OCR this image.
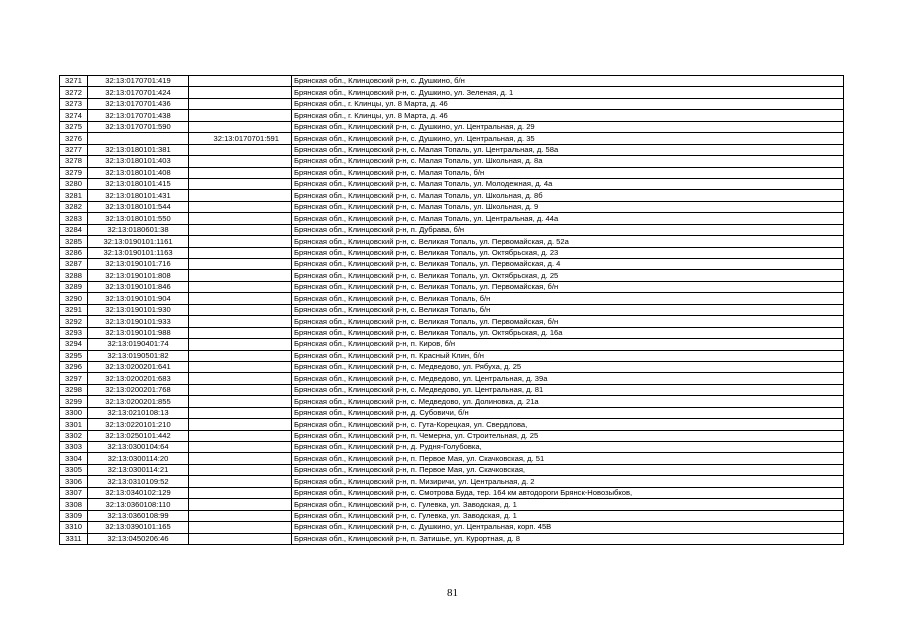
3271	32:13:0170701:419		Брянская обл., Клинцовский р-н, с. Душкино, б/н
3272	32:13:0170701:424		Брянская обл., Клинцовский р-н, с. Душкино, ул. Зеленая, д. 1
3273	32:13:0170701:436		Брянская обл., г. Клинцы, ул. 8 Марта, д. 46
3274	32:13:0170701:438		Брянская обл., г. Клинцы, ул. 8 Марта, д. 46
3275	32:13:0170701:590		Брянская обл., Клинцовский р-н, с. Душкино, ул. Центральная, д. 29
3276		32:13:0170701:591	Брянская обл., Клинцовский р-н, с. Душкино, ул. Центральная, д. 35
3277	32:13:0180101:381		Брянская обл., Клинцовский р-н, с. Малая Топаль, ул. Центральная, д. 58а
3278	32:13:0180101:403		Брянская обл., Клинцовский р-н, с. Малая Топаль, ул. Школьная, д. 8а
3279	32:13:0180101:408		Брянская обл., Клинцовский р-н, с. Малая Топаль, б/н
3280	32:13:0180101:415		Брянская обл., Клинцовский р-н, с. Малая Топаль, ул. Молодежная, д. 4а
3281	32:13:0180101:431		Брянская обл., Клинцовский р-н, с. Малая Топаль, ул. Школьная, д. 8б
3282	32:13:0180101:544		Брянская обл., Клинцовский р-н, с. Малая Топаль, ул. Школьная, д. 9
3283	32:13:0180101:550		Брянская обл., Клинцовский р-н, с. Малая Топаль, ул. Центральная, д. 44а
3284	32:13:0180601:38		Брянская обл., Клинцовский р-н, п. Дубрава, б/н
3285	32:13:0190101:1161		Брянская обл., Клинцовский р-н, с. Великая Топаль, ул. Первомайская, д. 52а
3286	32:13:0190101:1163		Брянская обл., Клинцовский р-н, с. Великая Топаль, ул. Октябрьская, д. 23
3287	32:13:0190101:716		Брянская обл., Клинцовский р-н, с. Великая Топаль, ул. Первомайская, д. 4
3288	32:13:0190101:808		Брянская обл., Клинцовский р-н, с. Великая Топаль, ул. Октябрьская, д. 25
3289	32:13:0190101:846		Брянская обл., Клинцовский р-н, с. Великая Топаль, ул. Первомайская, б/н
3290	32:13:0190101:904		Брянская обл., Клинцовский р-н, с. Великая Топаль, б/н
3291	32:13:0190101:930		Брянская обл., Клинцовский р-н, с. Великая Топаль, б/н
3292	32:13:0190101:933		Брянская обл., Клинцовский р-н, с. Великая Топаль, ул. Первомайская, б/н
3293	32:13:0190101:988		Брянская обл., Клинцовский р-н, с. Великая Топаль, ул. Октябрьская, д. 16а
3294	32:13:0190401:74		Брянская обл., Клинцовский р-н, п. Киров, б/н
3295	32:13:0190501:82		Брянская обл., Клинцовский р-н, п. Красный Клин, б/н
3296	32:13:0200201:641		Брянская обл., Клинцовский р-н, с. Медведово, ул. Рябуха, д. 25
3297	32:13:0200201:683		Брянская обл., Клинцовский р-н, с. Медведово, ул. Центральная, д. 39а
3298	32:13:0200201:768		Брянская обл., Клинцовский р-н, с. Медведово, ул. Центральная, д. 81
3299	32:13:0200201:855		Брянская обл., Клинцовский р-н, с. Медведово, ул. Долиновка, д. 21а
3300	32:13:0210108:13		Брянская обл., Клинцовский р-н, д. Субовичи, б/н
3301	32:13:0220101:210		Брянская обл., Клинцовский р-н, с. Гута-Корецкая, ул. Свердлова,
3302	32:13:0250101:442		Брянская обл., Клинцовский р-н, п. Чемерна, ул. Строительная, д. 25
3303	32:13:0300104:64		Брянская обл., Клинцовский р-н, д. Рудня-Голубовка,
3304	32:13:0300114:20		Брянская обл., Клинцовский р-н, п. Первое Мая, ул. Скачковская, д. 51
3305	32:13:0300114:21		Брянская обл., Клинцовский р-н, п. Первое Мая, ул. Скачковская,
3306	32:13:0310109:52		Брянская обл., Клинцовский р-н, п. Мизиричи, ул. Центральная, д. 2
3307	32:13:0340102:129		Брянская обл., Клинцовский р-н, с. Смотрова Буда, тер. 164 км автодороги Брянск-Новозыбков,
3308	32:13:0360108:110		Брянская обл., Клинцовский р-н, с. Гулевка, ул. Заводская, д. 1
3309	32:13:0360108:99		Брянская обл., Клинцовский р-н, с. Гулевка, ул. Заводская, д. 1
3310	32:13:0390101:165		Брянская обл., Клинцовский р-н, с. Душкино, ул. Центральная, корп. 45В
3311	32:13:0450206:46		Брянская обл., Клинцовский р-н, п. Затишье, ул. Курортная, д. 8
81
